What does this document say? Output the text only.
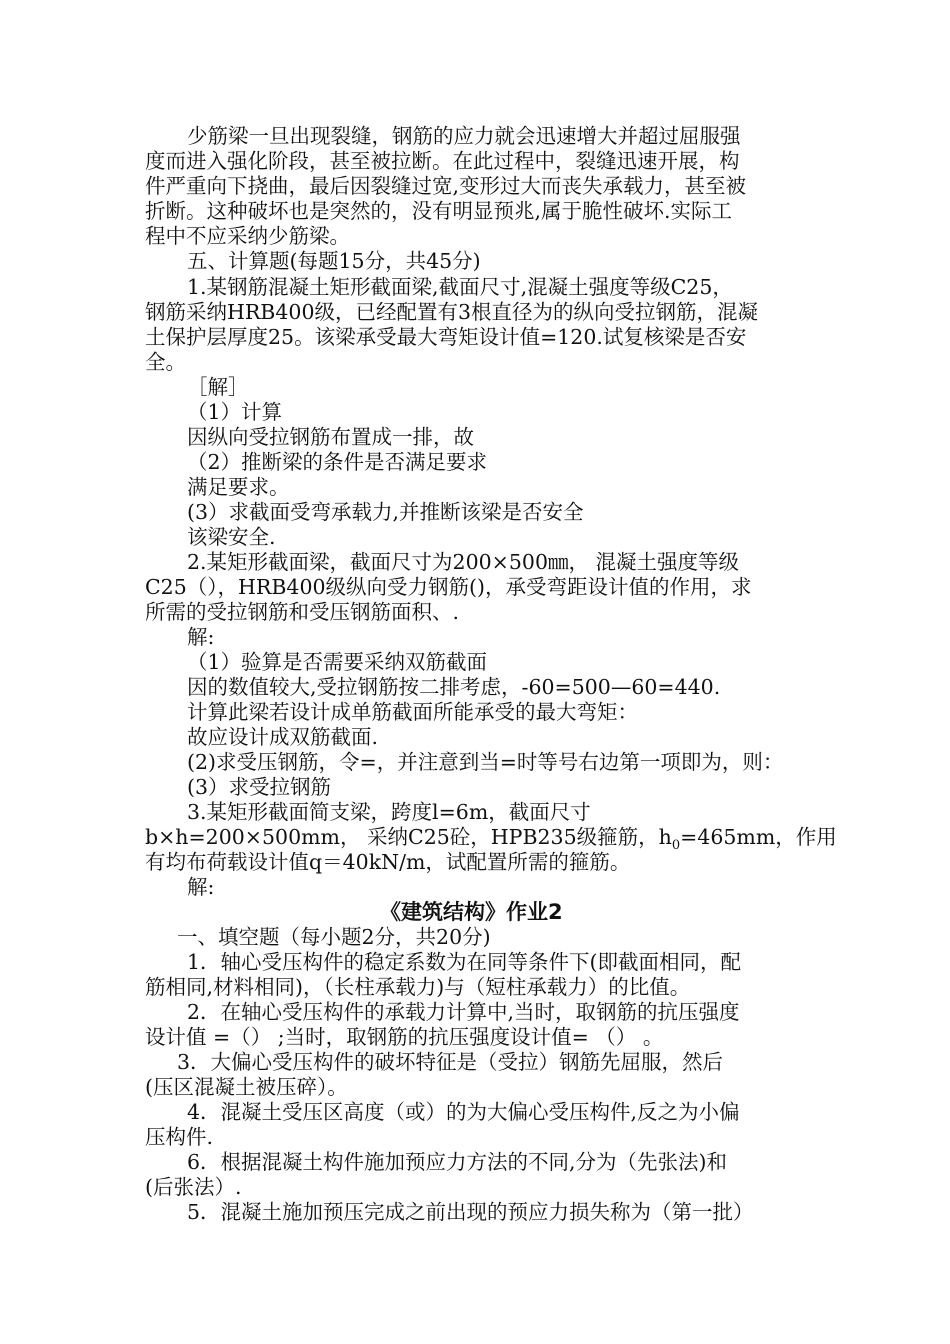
少筋梁一旦出现裂缝，钢筋的应力就会迅速增大并超过屈服强
度而进入强化阶段，甚至被拉断。在此过程中，裂缝迅速开展，构
件严重向下挠曲，最后因裂缝过宽,变形过大而丧失承载力，甚至被
折断。这种破坏也是突然的，没有明显预兆,属于脆性破坏.实际工
程中不应采纳少筋梁。
五、计算题(每题15分，共45分)
1.某钢筋混凝土矩形截面梁,截面尺寸,混凝土强度等级C25，
钢筋采纳HRB400级，已经配置有3根直径为的纵向受拉钢筋，混凝
土保护层厚度25。该梁承受最大弯矩设计值=120.试复核梁是否安
全。
［解］
（1）计算
因纵向受拉钢筋布置成一排，故
（2）推断梁的条件是否满足要求
满足要求。
(3）求截面受弯承载力,并推断该梁是否安全
该梁安全.
2.某矩形截面梁，截面尺寸为200×500㎜， 混凝土强度等级
C25（），HRB400级纵向受力钢筋()，承受弯距设计值的作用，求
所需的受拉钢筋和受压钢筋面积、.
解:
（1）验算是否需要采纳双筋截面
因的数值较大,受拉钢筋按二排考虑，-60=500—60=440.
计算此梁若设计成单筋截面所能承受的最大弯矩：
故应设计成双筋截面.
(2)求受压钢筋，令=，并注意到当=时等号右边第一项即为，则：
(3）求受拉钢筋
3.某矩形截面简支梁，跨度l=6m，截面尺寸
b×h=200×500mm， 采纳C25砼，HPB235级箍筋，$h_0=465mm$，作用
有均布荷载设计值q＝40kN/m，试配置所需的箍筋。
解:
《建筑结构》作业2
一、填空题（每小题2分，共20分)
1．轴心受压构件的稳定系数为在同等条件下(即截面相同，配
筋相同,材料相同)，（长柱承载力)与（短柱承载力）的比值。
2．在轴心受压构件的承载力计算中,当时，取钢筋的抗压强度
设计值 =（） ;当时，取钢筋的抗压强度设计值= （） 。
3．大偏心受压构件的破坏特征是（受拉）钢筋先屈服，然后
(压区混凝土被压碎）。
4．混凝土受压区高度（或）的为大偏心受压构件,反之为小偏
压构件.
6．根据混凝土构件施加预应力方法的不同,分为（先张法)和
(后张法）.
5．混凝土施加预压完成之前出现的预应力损失称为（第一批）
